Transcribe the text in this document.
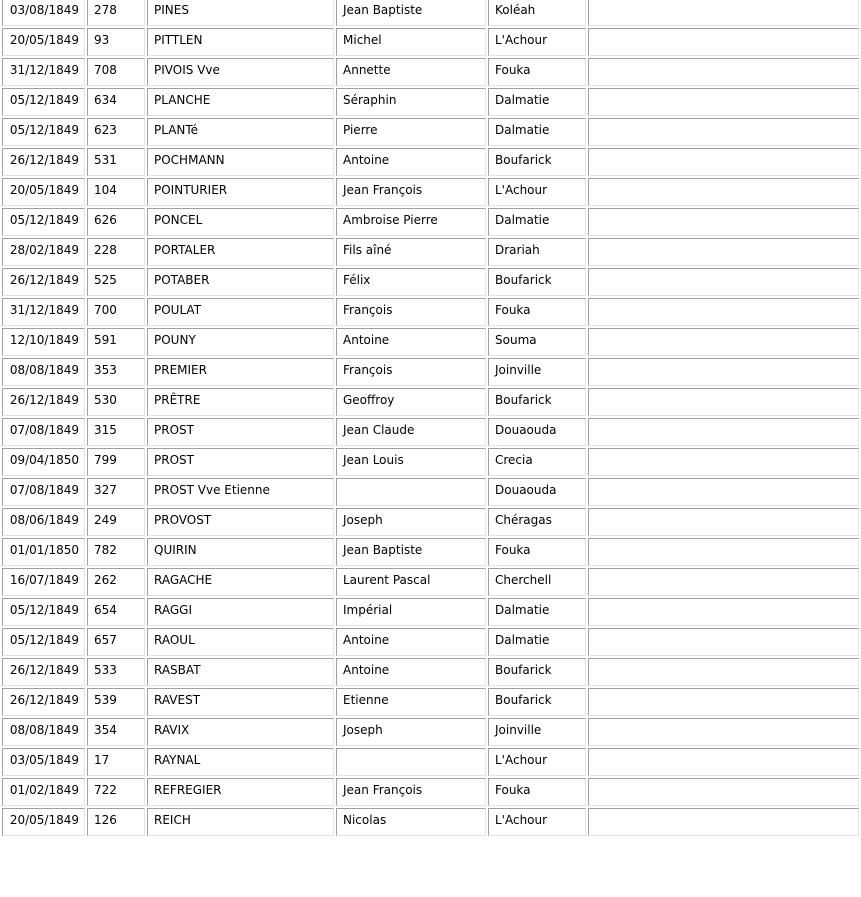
03/08/1849	278	PINES	Jean Baptiste	Koléah	
20/05/1849	93	PITTLEN	Michel	L'Achour	
31/12/1849	708	PIVOIS Vve	Annette	Fouka	
05/12/1849	634	PLANCHE	Séraphin	Dalmatie	
05/12/1849	623	PLANTé	Pierre	Dalmatie	
26/12/1849	531	POCHMANN	Antoine	Boufarick	
20/05/1849	104	POINTURIER	Jean François	L'Achour	
05/12/1849	626	PONCEL	Ambroise Pierre	Dalmatie	
28/02/1849	228	PORTALER	Fils aîné	Drariah	
26/12/1849	525	POTABER	Félix	Boufarick	
31/12/1849	700	POULAT	François	Fouka	
12/10/1849	591	POUNY	Antoine	Souma	
08/08/1849	353	PREMIER	François	Joinville	
26/12/1849	530	PRÊTRE	Geoffroy	Boufarick	
07/08/1849	315	PROST	Jean Claude	Douaouda	
09/04/1850	799	PROST	Jean Louis	Crecia	
07/08/1849	327	PROST Vve Etienne		Douaouda	
08/06/1849	249	PROVOST	Joseph	Chéragas	
01/01/1850	782	QUIRIN	Jean Baptiste	Fouka	
16/07/1849	262	RAGACHE	Laurent Pascal	Cherchell	
05/12/1849	654	RAGGI	Impérial	Dalmatie	
05/12/1849	657	RAOUL	Antoine	Dalmatie	
26/12/1849	533	RASBAT	Antoine	Boufarick	
26/12/1849	539	RAVEST	Etienne	Boufarick	
08/08/1849	354	RAVIX	Joseph	Joinville	
03/05/1849	17	RAYNAL		L'Achour	
01/02/1849	722	REFREGIER	Jean François	Fouka	
20/05/1849	126	REICH	Nicolas	L'Achour	
